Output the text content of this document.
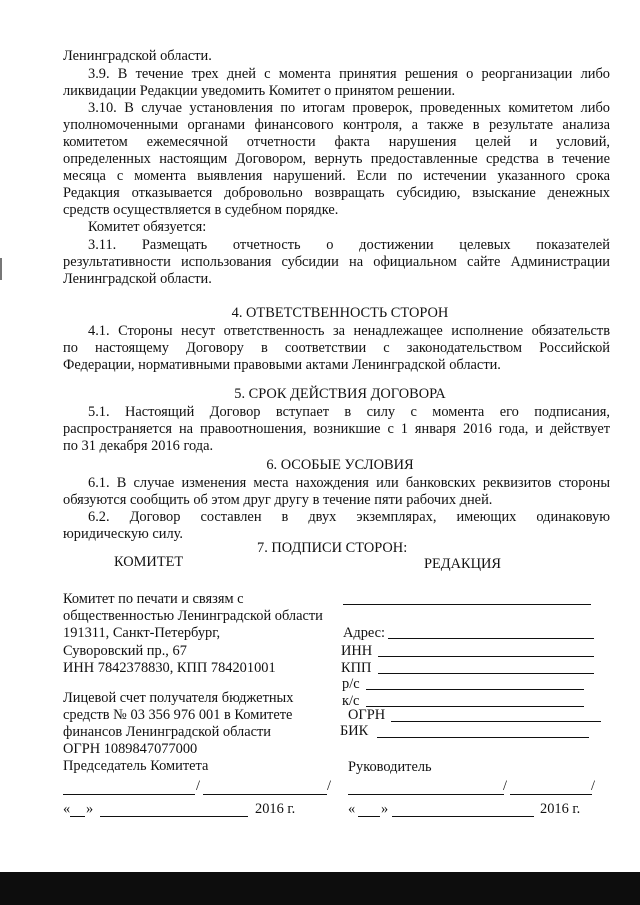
Ленинградской области.
3.9. В течение трех дней с момента принятия решения о реорганизации либо
ликвидации Редакции уведомить Комитет о принятом решении.
3.10. В случае установления по итогам проверок, проведенных комитетом либо
уполномоченными органами финансового контроля, а также в результате анализа
комитетом ежемесячной отчетности факта нарушения целей и условий,
определенных настоящим Договором, вернуть предоставленные средства в течение
месяца с момента выявления нарушений. Если по истечении указанного срока
Редакция отказывается добровольно возвращать субсидию, взыскание денежных
средств осуществляется в судебном порядке.
Комитет обязуется:
3.11. Размещать отчетность о достижении целевых показателей
результативности использования субсидии на официальном сайте Администрации
Ленинградской области.
4. ОТВЕТСТВЕННОСТЬ СТОРОН
4.1. Стороны несут ответственность за ненадлежащее исполнение обязательств
по настоящему Договору в соответствии с законодательством Российской
Федерации, нормативными правовыми актами Ленинградской области.
5. СРОК ДЕЙСТВИЯ ДОГОВОРА
5.1. Настоящий Договор вступает в силу с момента его подписания,
распространяется на правоотношения, возникшие с 1 января 2016 года, и действует
по 31 декабря 2016 года.
6. ОСОБЫЕ УСЛОВИЯ
6.1. В случае изменения места нахождения или банковских реквизитов стороны
обязуются сообщить об этом друг другу в течение пяти рабочих дней.
6.2. Договор составлен в двух экземплярах, имеющих одинаковую
юридическую силу.
7. ПОДПИСИ СТОРОН:
КОМИТЕТ	РЕДАКЦИЯ
Комитет по печати и связям с
общественностью Ленинградской области
191311, Санкт-Петербург,
Суворовский пр., 67
ИНН 7842378830, КПП 784201001
Лицевой счет получателя бюджетных
средств № 03 356 976 001 в Комитете
финансов Ленинградской области
ОГРН 1089847077000
Председатель Комитета
/	/
« »	2016 г.
Адрес:
ИНН
КПП
р/с
к/с
ОГРН
БИК
Руководитель
/	/
« »	2016 г.
